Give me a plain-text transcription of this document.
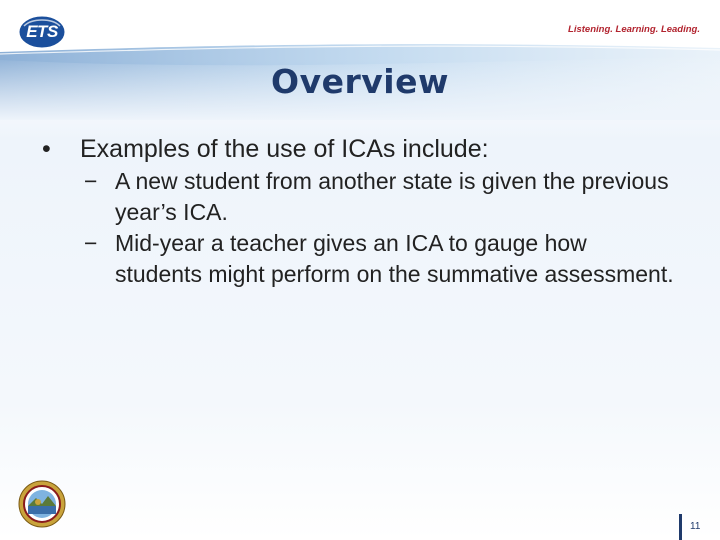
ETS	Listening. Learning. Leading.
Overview
• Examples of the use of ICAs include:
− A new student from another state is given the previous year’s ICA.
− Mid-year a teacher gives an ICA to gauge how students might perform on the summative assessment.
11
